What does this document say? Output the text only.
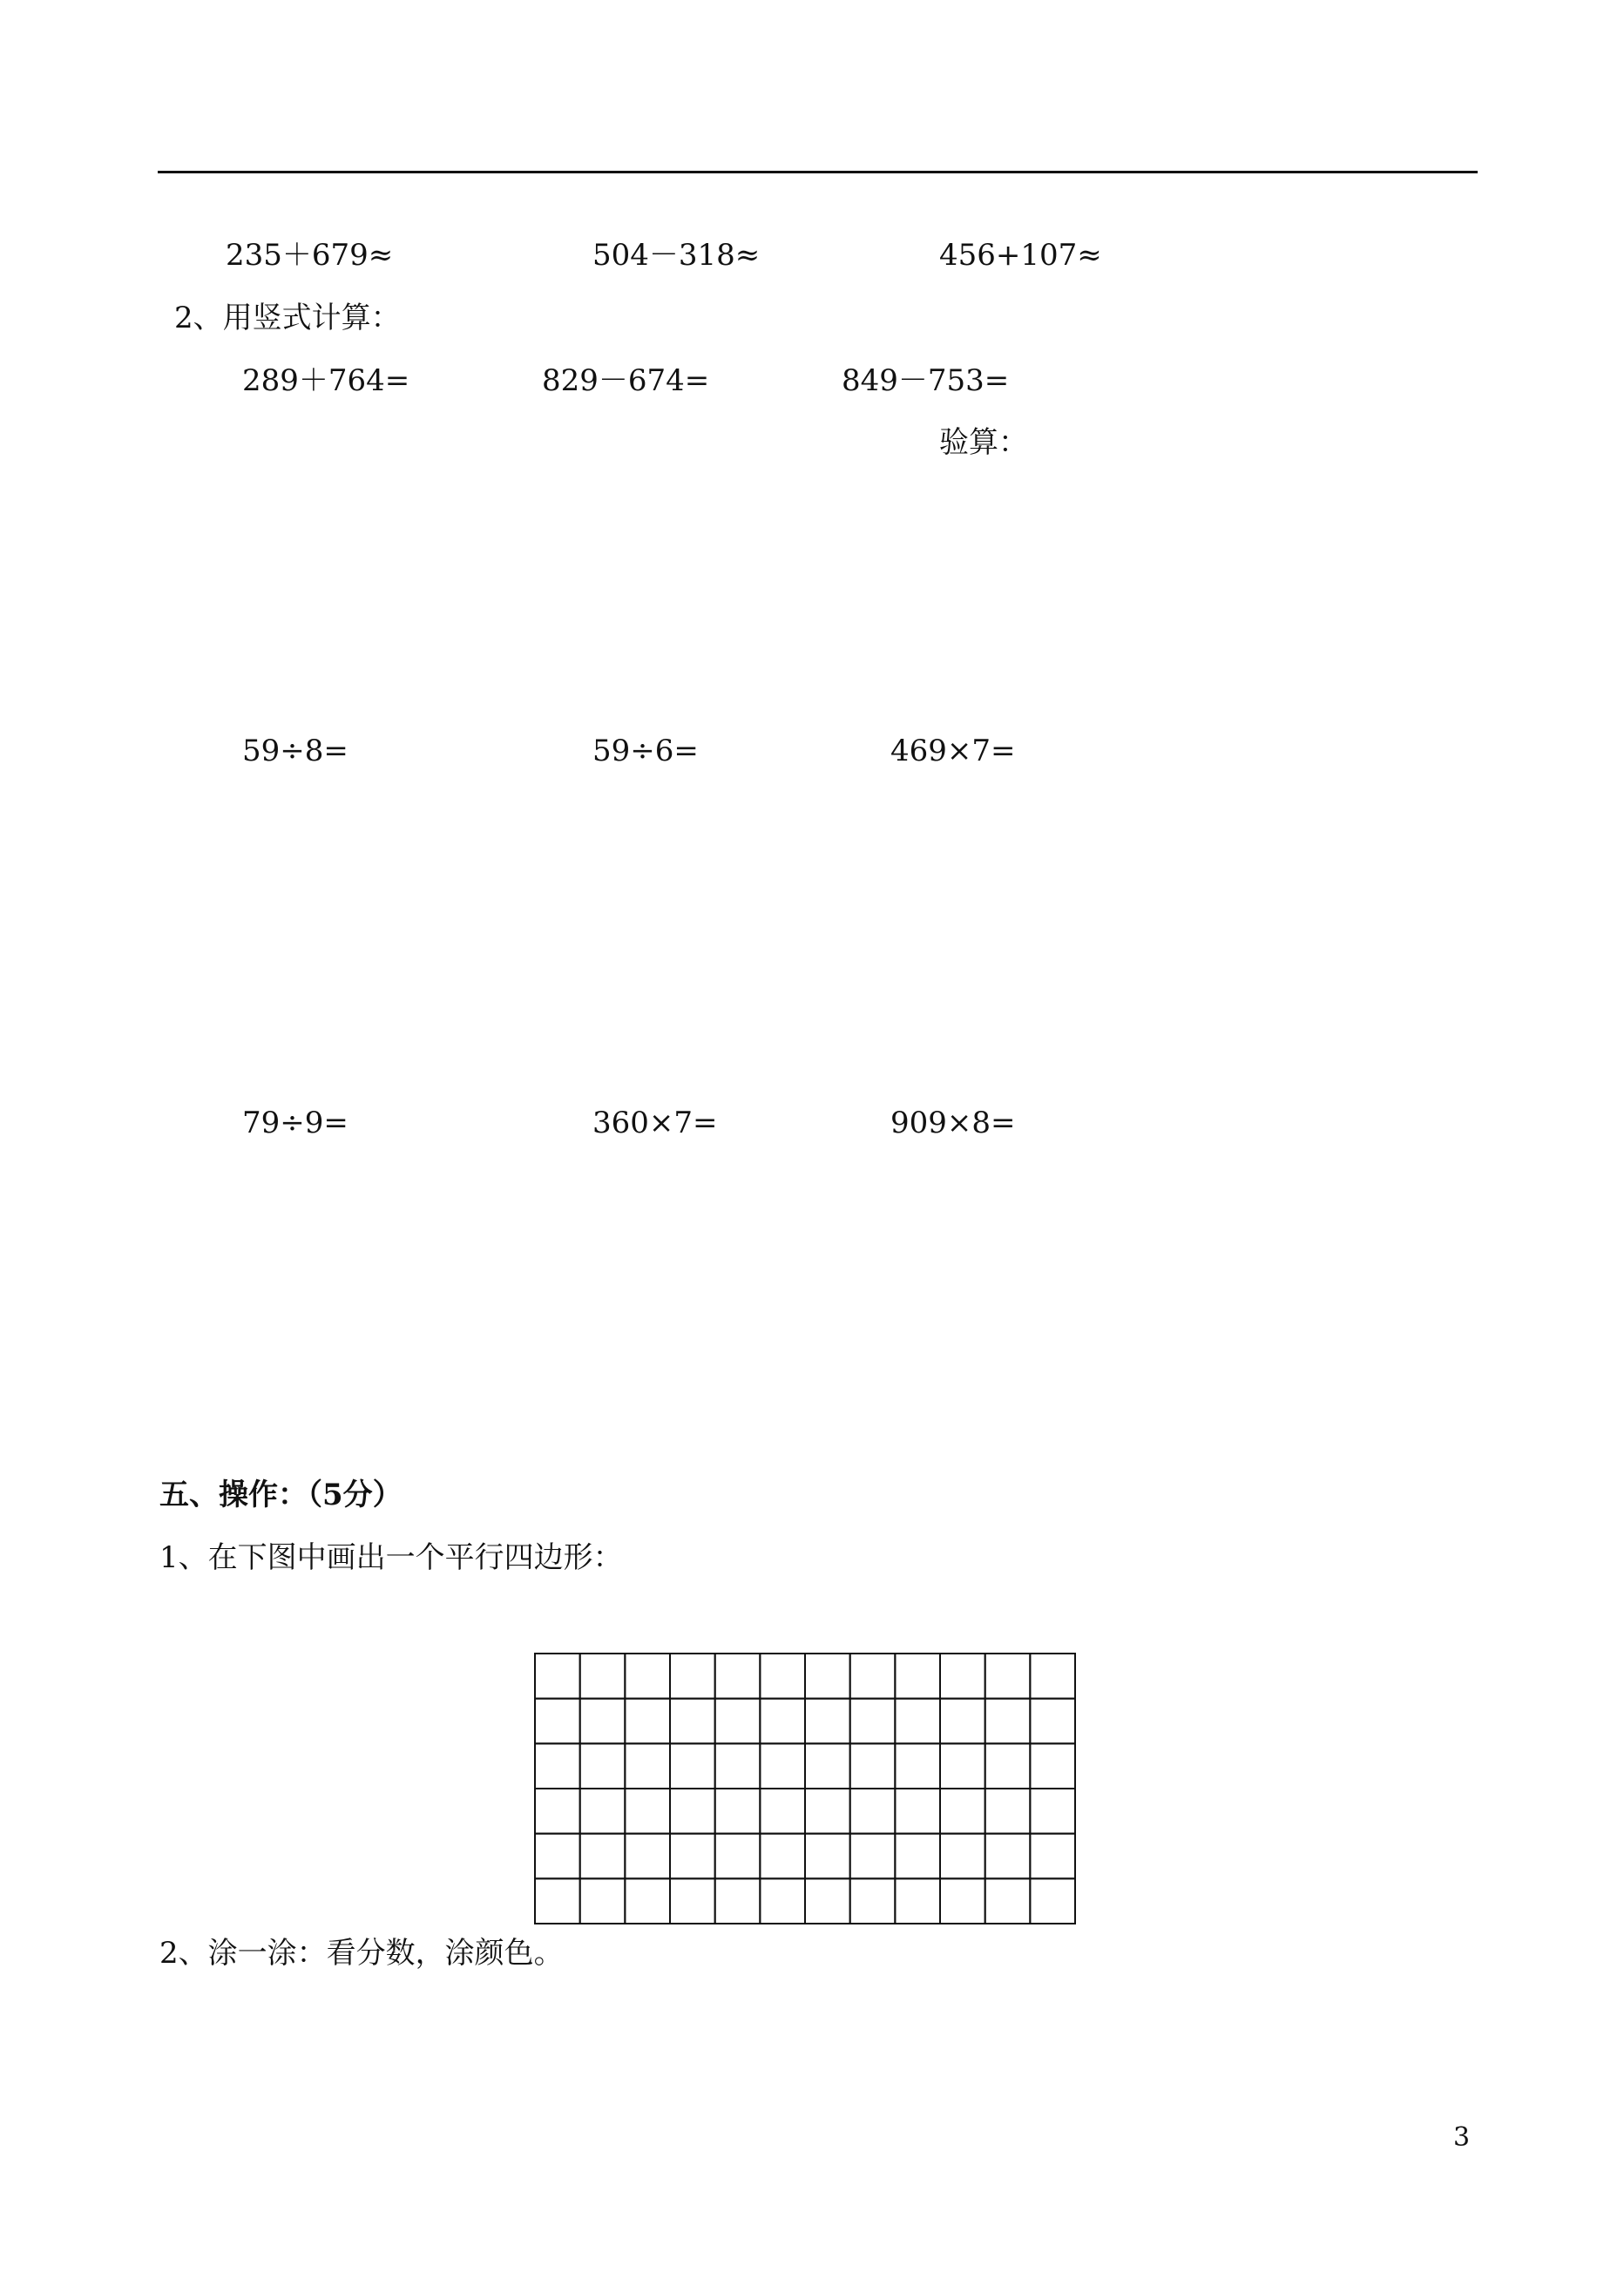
235＋679≈	504－318≈	456+107≈
2、用竖式计算：
289＋764=	829－674=	849－753=
验算：
59÷8=	59÷6=	469×7=
79÷9=	360×7=	909×8=
五、操作：（5分）
1、在下图中画出一个平行四边形：
2、涂一涂：看分数，涂颜色。
3
